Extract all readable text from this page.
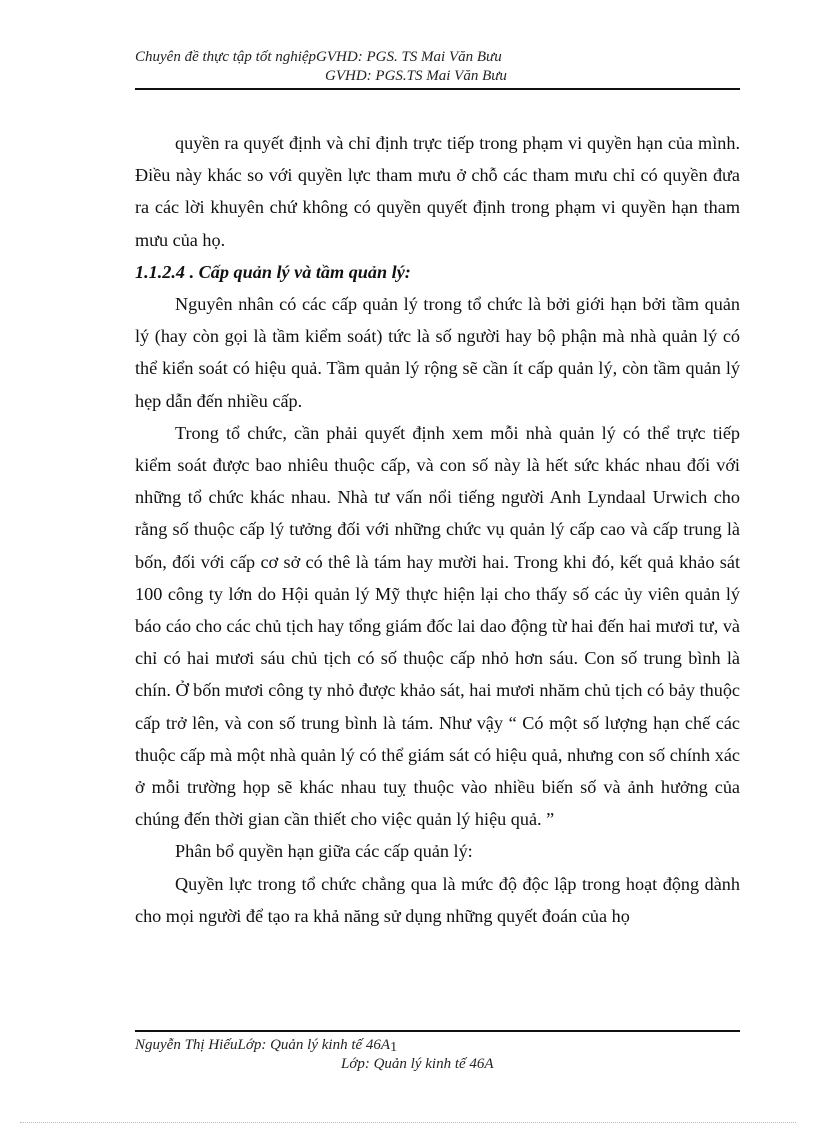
Chuyên đề thực tập tốt nghiệpGVHD: PGS. TS Mai Văn Bưu
GVHD: PGS.TS Mai Văn Bưu

quyền ra quyết định và chỉ định trực tiếp trong phạm vi quyền hạn của mình. Điều này khác so với quyền lực tham mưu ở chỗ các tham mưu chỉ có quyền đưa ra các lời khuyên chứ không có quyền quyết định trong phạm vi quyền hạn tham mưu của họ.

1.1.2.4 . Cấp quản lý và tầm quản lý:

Nguyên nhân có các cấp quản lý trong tổ chức là bởi giới hạn bởi tầm quản lý (hay còn gọi là tầm kiểm soát) tức là số người hay bộ phận mà nhà quản lý có thể kiển soát có hiệu quả. Tầm quản lý rộng sẽ cần ít cấp quản lý, còn tầm quản lý hẹp dẫn đến nhiều cấp.

Trong tổ chức, cần phải quyết định xem mỗi nhà quản lý có thể trực tiếp kiểm soát được bao nhiêu thuộc cấp, và con số này là hết sức khác nhau đối với những tổ chức khác nhau. Nhà tư vấn nổi tiếng người Anh Lyndaal Urwich cho rằng số thuộc cấp lý tưởng đối với những chức vụ quản lý cấp cao và cấp trung là bốn, đối với cấp cơ sở có thê là tám hay mười hai. Trong khi đó, kết quả khảo sát 100 công ty lớn do Hội quản lý Mỹ thực hiện lại cho thấy số các ủy viên quản lý báo cáo cho các chủ tịch hay tổng giám đốc lai dao động từ hai đến hai mươi tư, và chỉ có hai mươi sáu chủ tịch có số thuộc cấp nhỏ hơn sáu. Con số trung bình là chín. Ở bốn mươi công ty nhỏ được khảo sát, hai mươi nhăm chủ tịch có bảy thuộc cấp trở lên, và con số trung bình là tám. Như vậy “ Có một số lượng hạn chế các thuộc cấp mà một nhà quản lý có thể giám sát có hiệu quả, nhưng con số chính xác ở mỗi trường họp sẽ khác nhau tuỵ thuộc vào nhiều biến số và ảnh hưởng của chúng đến thời gian cần thiết cho việc quản lý hiệu quả. ”

Phân bổ quyền hạn giữa các cấp quản lý:

Quyền lực trong tổ chức chẳng qua là mức độ độc lập trong hoạt động dành cho mọi người để tạo ra khả năng sử dụng những quyết đoán của họ

Nguyễn Thị HiếuLớp: Quản lý kinh tế 46A1
Lớp: Quản lý kinh tế 46A
